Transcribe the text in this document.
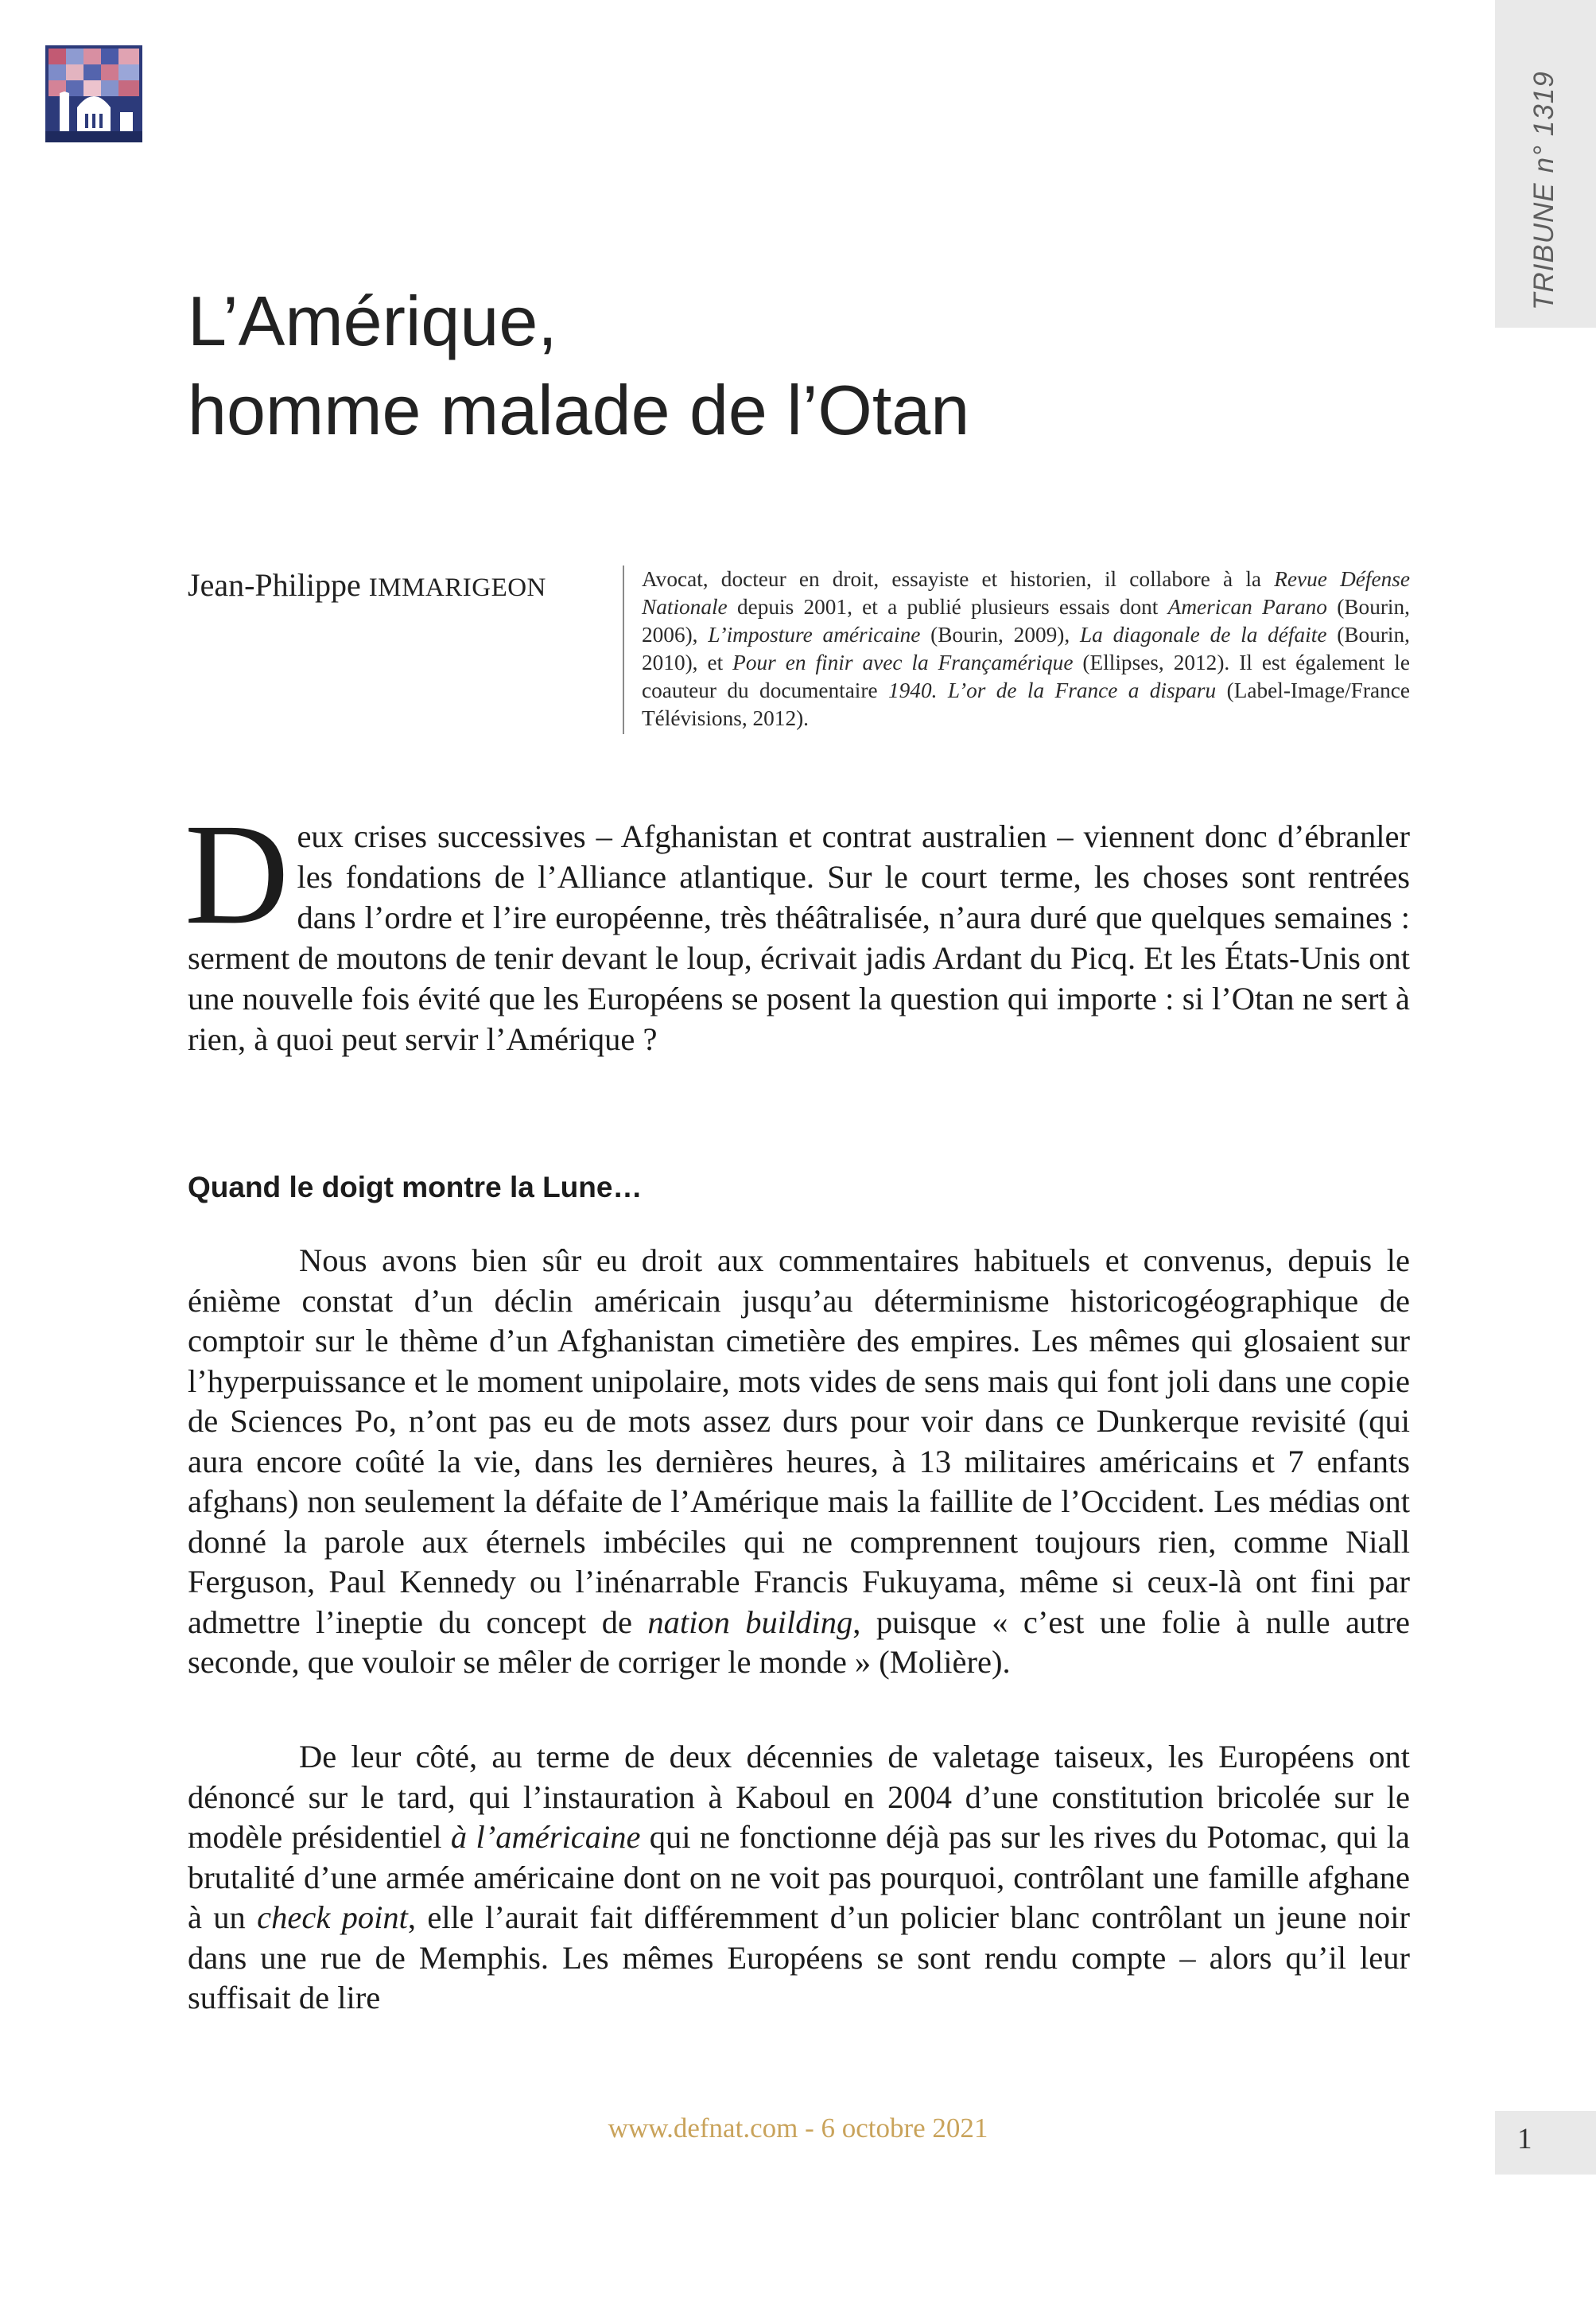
TRIBUNE
n° 1319
L’Amérique,
homme malade de l’Otan
Jean-Philippe IMMARIGEON	Avocat, docteur en droit, essayiste et historien, il collabore à la Revue Défense Nationale depuis 2001, et a publié plusieurs essais dont American Parano (Bourin, 2006), L’imposture américaine (Bourin, 2009), La diagonale de la défaite (Bourin, 2010), et Pour en finir avec la Françamérique (Ellipses, 2012). Il est également le coauteur du documentaire 1940. L’or de la France a disparu (Label-Image/France Télévisions, 2012).

Deux crises successives – Afghanistan et contrat australien – viennent donc d’ébranler les fondations de l’Alliance atlantique. Sur le court terme, les choses sont rentrées dans l’ordre et l’ire européenne, très théâtralisée, n’aura duré que quelques semaines : serment de moutons de tenir devant le loup, écrivait jadis Ardant du Picq. Et les États-Unis ont une nouvelle fois évité que les Européens se posent la question qui importe : si l’Otan ne sert à rien, à quoi peut servir l’Amérique ?

Quand le doigt montre la Lune…

Nous avons bien sûr eu droit aux commentaires habituels et convenus, depuis le énième constat d’un déclin américain jusqu’au déterminisme historicogéographique de comptoir sur le thème d’un Afghanistan cimetière des empires. Les mêmes qui glosaient sur l’hyperpuissance et le moment unipolaire, mots vides de sens mais qui font joli dans une copie de Sciences Po, n’ont pas eu de mots assez durs pour voir dans ce Dunkerque revisité (qui aura encore coûté la vie, dans les dernières heures, à 13 militaires américains et 7 enfants afghans) non seulement la défaite de l’Amérique mais la faillite de l’Occident. Les médias ont donné la parole aux éternels imbéciles qui ne comprennent toujours rien, comme Niall Ferguson, Paul Kennedy ou l’inénarrable Francis Fukuyama, même si ceux-là ont fini par admettre l’ineptie du concept de nation building, puisque « c’est une folie à nulle autre seconde, que vouloir se mêler de corriger le monde » (Molière).

De leur côté, au terme de deux décennies de valetage taiseux, les Européens ont dénoncé sur le tard, qui l’instauration à Kaboul en 2004 d’une constitution bricolée sur le modèle présidentiel à l’américaine qui ne fonctionne déjà pas sur les rives du Potomac, qui la brutalité d’une armée américaine dont on ne voit pas pourquoi, contrôlant une famille afghane à un check point, elle l’aurait fait différemment d’un policier blanc contrôlant un jeune noir dans une rue de Memphis. Les mêmes Européens se sont rendu compte – alors qu’il leur suffisait de lire

www.defnat.com - 6 octobre 2021	1
